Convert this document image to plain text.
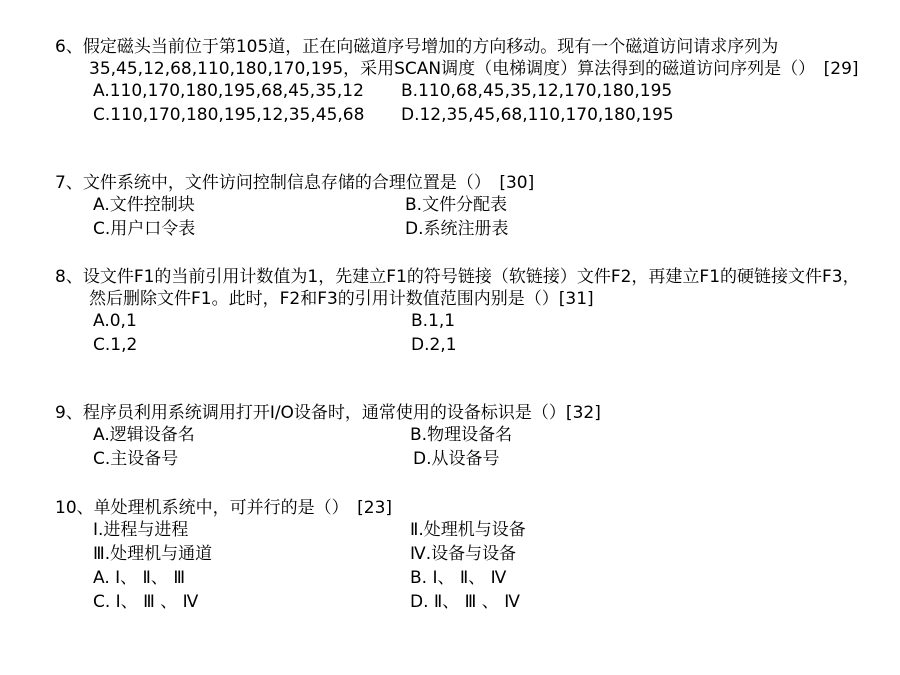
6、假定磁头当前位于第105道，正在向磁道序号增加的方向移动。现有一个磁道访问请求序列为35,45,12,68,110,180,170,195，采用SCAN调度（电梯调度）算法得到的磁道访问序列是（）　[29]
A.110,170,180,195,68,45,35,12 B.110,68,45,35,12,170,180,195
C.110,170,180,195,12,35,45,68 D.12,35,45,68,110,170,180,195
7、文件系统中，文件访问控制信息存储的合理位置是（）　[30]
A.文件控制块	B.文件分配表
C.用户口令表	D.系统注册表
8、设文件F1的当前引用计数值为1，先建立F1的符号链接（软链接）文件F2，再建立F1的硬链接文件F3，然后删除文件F1。此时，F2和F3的引用计数值范围内别是（）[31]
A.0,1	B.1,1
C.1,2	D.2,1
9、程序员利用系统调用打开I/O设备时，通常使用的设备标识是（）[32]
A.逻辑设备名	B.物理设备名
C.主设备号	D.从设备号
10、单处理机系统中，可并行的是（）　[23]
Ⅰ.进程与进程	Ⅱ.处理机与设备
Ⅲ.处理机与通道	Ⅳ.设备与设备
A. Ⅰ、 Ⅱ、 Ⅲ	B. Ⅰ、 Ⅱ、 Ⅳ
C. Ⅰ、 Ⅲ 、 Ⅳ	D. Ⅱ、 Ⅲ 、 Ⅳ
